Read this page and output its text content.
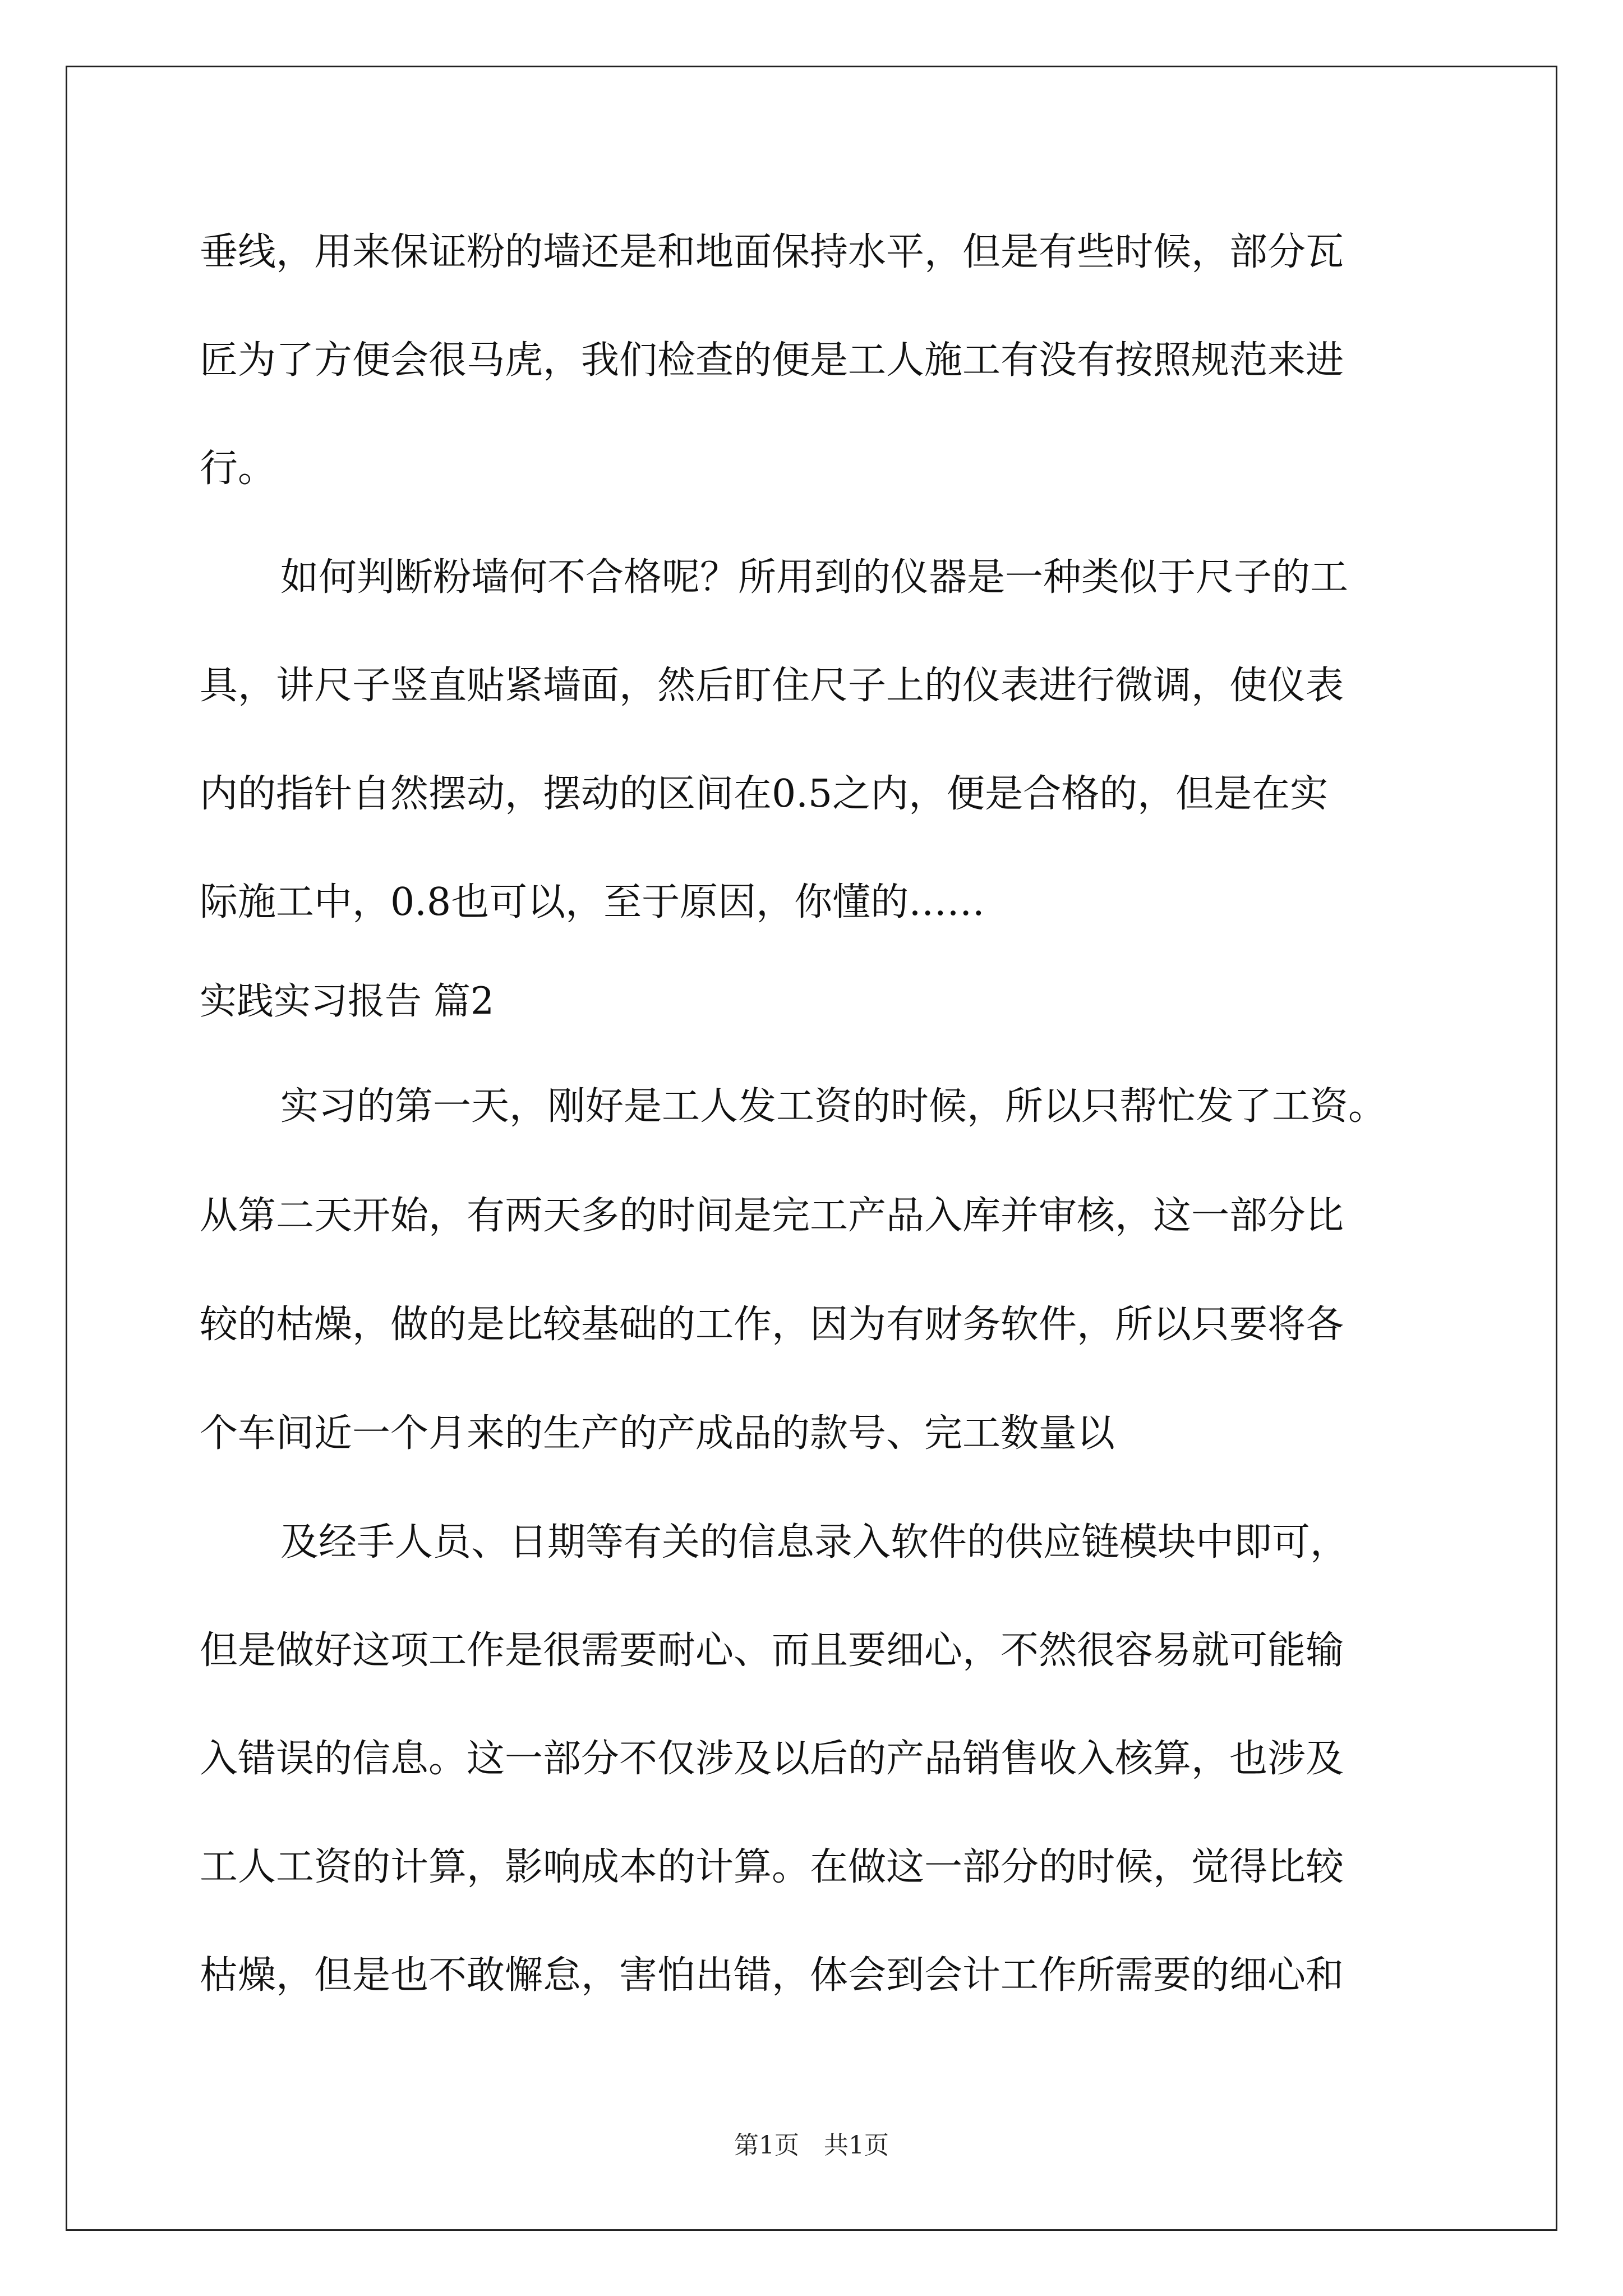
垂线，用来保证粉的墙还是和地面保持水平，但是有些时候，部分瓦
匠为了方便会很马虎，我们检查的便是工人施工有没有按照规范来进
行。
如何判断粉墙何不合格呢？所用到的仪器是一种类似于尺子的工
具，讲尺子竖直贴紧墙面，然后盯住尺子上的仪表进行微调，使仪表
内的指针自然摆动，摆动的区间在0.5之内，便是合格的，但是在实
际施工中，0.8也可以，至于原因，你懂的……
实践实习报告 篇2
实习的第一天，刚好是工人发工资的时候，所以只帮忙发了工资。
从第二天开始，有两天多的时间是完工产品入库并审核，这一部分比
较的枯燥，做的是比较基础的工作，因为有财务软件，所以只要将各
个车间近一个月来的生产的产成品的款号、完工数量以
及经手人员、日期等有关的信息录入软件的供应链模块中即可，
但是做好这项工作是很需要耐心、而且要细心，不然很容易就可能输
入错误的信息。这一部分不仅涉及以后的产品销售收入核算，也涉及
工人工资的计算，影响成本的计算。在做这一部分的时候，觉得比较
枯燥，但是也不敢懈怠，害怕出错，体会到会计工作所需要的细心和
第1页　共1页
